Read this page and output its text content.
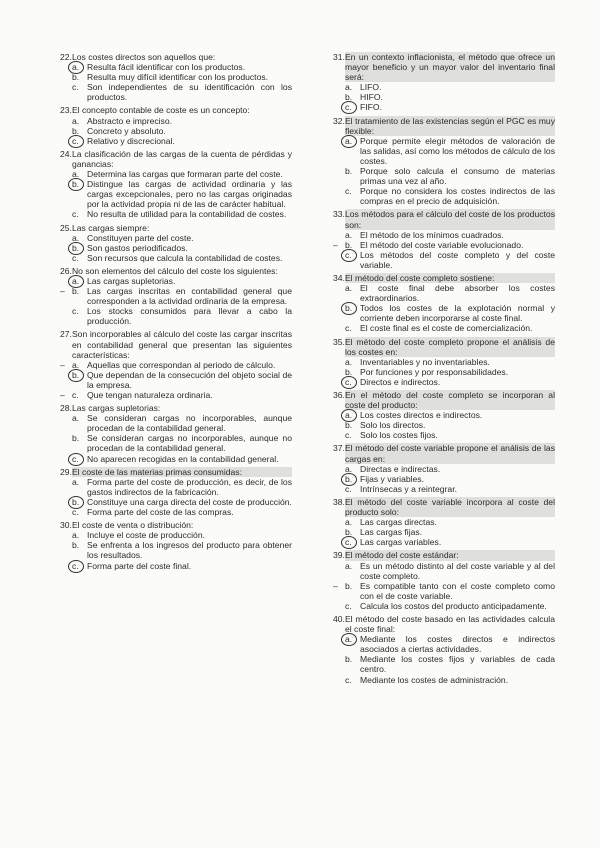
22. Los costes directos son aquellos que:
a. Resulta fácil identificar con los productos.
b. Resulta muy difícil identificar con los productos.
c. Son independientes de su identificación con los productos.
23. El concepto contable de coste es un concepto:
a. Abstracto e impreciso.
b. Concreto y absoluto.
c. Relativo y discrecional.
24. La clasificación de las cargas de la cuenta de pérdidas y ganancias:
a. Determina las cargas que formaran parte del coste.
b. Distingue las cargas de actividad ordinaria y las cargas excepcionales, pero no las cargas originadas por la actividad propia ni de las de carácter habitual.
c. No resulta de utilidad para la contabilidad de costes.
25. Las cargas siempre:
a. Constituyen parte del coste.
b. Son gastos periodificados.
c. Son recursos que calcula la contabilidad de costes.
26. No son elementos del cálculo del coste los siguientes:
a. Las cargas supletorias.
– b. Las cargas inscritas en contabilidad general que corresponden a la actividad ordinaria de la empresa.
c. Los stocks consumidos para llevar a cabo la producción.
27. Son incorporables al cálculo del coste las cargar inscritas en contabilidad general que presentan las siguientes características:
– a. Aquellas que correspondan al periodo de cálculo.
b. Que dependan de la consecución del objeto social de la empresa.
– c. Que tengan naturaleza ordinaria.
28. Las cargas supletorias:
a. Se consideran cargas no incorporables, aunque procedan de la contabilidad general.
b. Se consideran cargas no incorporables, aunque no procedan de la contabilidad general.
c. No aparecen recogidas en la contabilidad general.
29. El coste de las materias primas consumidas:
a. Forma parte del coste de producción, es decir, de los gastos indirectos de la fabricación.
b. Constituye una carga directa del coste de producción.
c. Forma parte del coste de las compras.
30. El coste de venta o distribución:
a. Incluye el coste de producción.
b. Se enfrenta a los ingresos del producto para obtener los resultados.
c. Forma parte del coste final.
31. En un contexto inflacionista, el método que ofrece un mayor beneficio y un mayor valor del inventario final será:
a. LIFO.
b. HIFO.
c. FIFO.
32. El tratamiento de las existencias según el PGC es muy flexible:
a. Porque permite elegir métodos de valoración de las salidas, así como los métodos de cálculo de los costes.
b. Porque solo calcula el consumo de materias primas una vez al año.
c. Porque no considera los costes indirectos de las compras en el precio de adquisición.
33. Los métodos para el cálculo del coste de los productos son:
a. El método de los mínimos cuadrados.
– b. El método del coste variable evolucionado.
c. Los métodos del coste completo y del coste variable.
34. El método del coste completo sostiene:
a. El coste final debe absorber los costes extraordinarios.
b. Todos los costes de la explotación normal y corriente deben incorporarse al coste final.
c. El coste final es el coste de comercialización.
35. El método del coste completo propone el análisis de los costes en:
a. Inventariables y no inventariables.
b. Por funciones y por responsabilidades.
c. Directos e indirectos.
36. En el método del coste completo se incorporan al coste del producto:
a. Los costes directos e indirectos.
b. Solo los directos.
c. Solo los costes fijos.
37. El método del coste variable propone el análisis de las cargas en:
a. Directas e indirectas.
b. Fijas y variables.
c. Intrínsecas y a reintegrar.
38. El método del coste variable incorpora al coste del producto solo:
a. Las cargas directas.
b. Las cargas fijas.
c. Las cargas variables.
39. El método del coste estándar:
a. Es un método distinto al del coste variable y al del coste completo.
– b. Es compatible tanto con el coste completo como con el de coste variable.
c. Calcula los costos del producto anticipadamente.
40. El método del coste basado en las actividades calcula el coste final:
a. Mediante los costes directos e indirectos asociados a ciertas actividades.
b. Mediante los costes fijos y variables de cada centro.
c. Mediante los costes de administración.
